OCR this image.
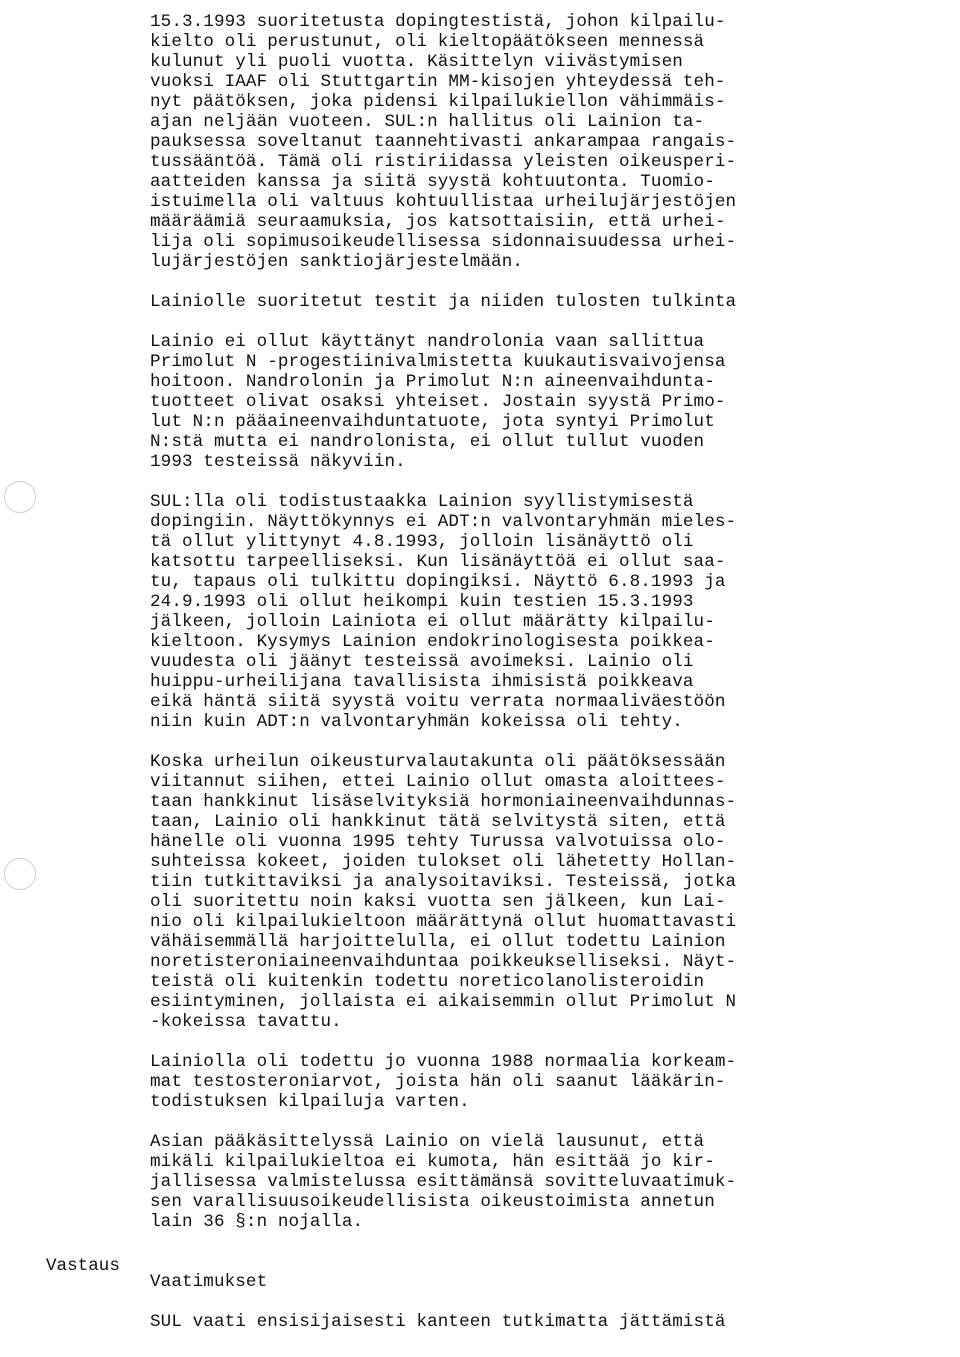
15.3.1993 suoritetusta dopingtestistä, johon kilpailu-
kielto oli perustunut, oli kieltopäätökseen mennessä
kulunut yli puoli vuotta. Käsittelyn viivästymisen
vuoksi IAAF oli Stuttgartin MM-kisojen yhteydessä teh-
nyt päätöksen, joka pidensi kilpailukiellon vähimmäis-
ajan neljään vuoteen. SUL:n hallitus oli Lainion ta-
pauksessa soveltanut taannehtivasti ankarampaa rangais-
tussääntöä. Tämä oli ristiriidassa yleisten oikeusperi-
aatteiden kanssa ja siitä syystä kohtuutonta. Tuomio-
istuimella oli valtuus kohtuullistaa urheilujärjestöjen
määräämiä seuraamuksia, jos katsottaisiin, että urhei-
lija oli sopimusoikeudellisessa sidonnaisuudessa urhei-
lujärjestöjen sanktiojärjestelmään.
Lainiolle suoritetut testit ja niiden tulosten tulkinta
Lainio ei ollut käyttänyt nandrolonia vaan sallittua
Primolut N -progestiinivalmistetta kuukautisvaivojensa
hoitoon. Nandrolonin ja Primolut N:n aineenvaihdunta-
tuotteet olivat osaksi yhteiset. Jostain syystä Primo-
lut N:n pääaineenvaihduntatuote, jota syntyi Primolut
N:stä mutta ei nandrolonista, ei ollut tullut vuoden
1993 testeissä näkyviin.
SUL:lla oli todistustaakka Lainion syyllistymisestä
dopingiin. Näyttökynnys ei ADT:n valvontaryhmän mieles-
tä ollut ylittynyt 4.8.1993, jolloin lisänäyttö oli
katsottu tarpeelliseksi. Kun lisänäyttöä ei ollut saa-
tu, tapaus oli tulkittu dopingiksi. Näyttö 6.8.1993 ja
24.9.1993 oli ollut heikompi kuin testien 15.3.1993
jälkeen, jolloin Lainiota ei ollut määrätty kilpailu-
kieltoon. Kysymys Lainion endokrinologisesta poikkea-
vuudesta oli jäänyt testeissä avoimeksi. Lainio oli
huippu-urheilijana tavallisista ihmisistä poikkeava
eikä häntä siitä syystä voitu verrata normaaliväestöön
niin kuin ADT:n valvontaryhmän kokeissa oli tehty.
Koska urheilun oikeusturvalautakunta oli päätöksessään
viitannut siihen, ettei Lainio ollut omasta aloittees-
taan hankkinut lisäselvityksiä hormoniaineenvaihdunnas-
taan, Lainio oli hankkinut tätä selvitystä siten, että
hänelle oli vuonna 1995 tehty Turussa valvotuissa olo-
suhteissa kokeet, joiden tulokset oli lähetetty Hollan-
tiin tutkittaviksi ja analysoitaviksi. Testeissä, jotka
oli suoritettu noin kaksi vuotta sen jälkeen, kun Lai-
nio oli kilpailukieltoon määrättynä ollut huomattavasti
vähäisemmällä harjoittelulla, ei ollut todettu Lainion
noretisteroniaineenvaihduntaa poikkeukselliseksi. Näyt-
teistä oli kuitenkin todettu noreticolanolisteroidin
esiintyminen, jollaista ei aikaisemmin ollut Primolut N
-kokeissa tavattu.
Lainiolla oli todettu jo vuonna 1988 normaalia korkeam-
mat testosteroniarvot, joista hän oli saanut lääkärin-
todistuksen kilpailuja varten.
Asian pääkäsittelyssä Lainio on vielä lausunut, että
mikäli kilpailukieltoa ei kumota, hän esittää jo kir-
jallisessa valmistelussa esittämänsä sovitteluvaatimuk-
sen varallisuusoikeudellisista oikeustoimista annetun
lain 36 §:n nojalla.
Vaatimukset
SUL vaati ensisijaisesti kanteen tutkimatta jättämistä
Vastaus
